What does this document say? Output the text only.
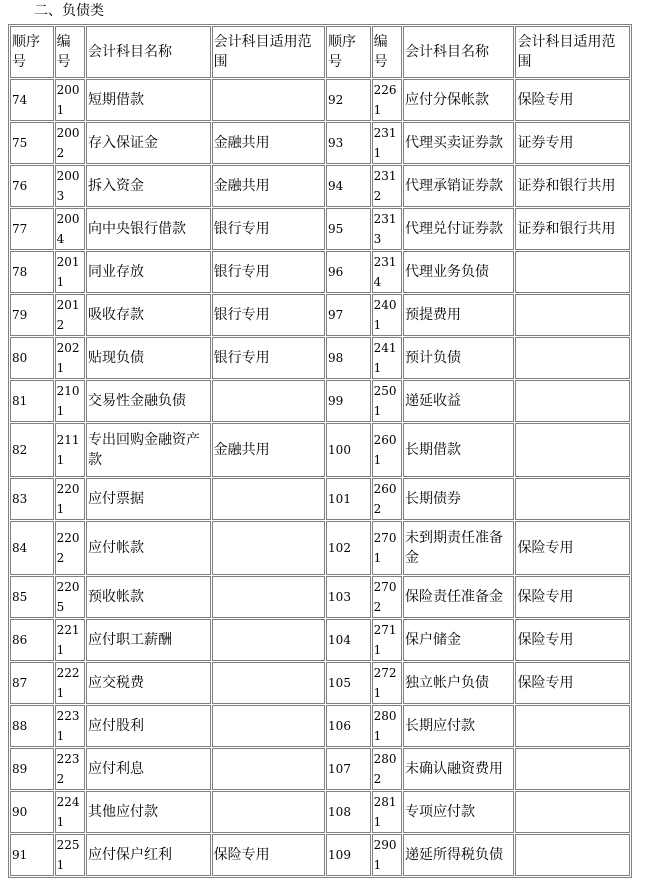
二、负债类
顺序号	编号	会计科目名称	会计科目适用范围	顺序号	编号	会计科目名称	会计科目适用范围
74	2001	短期借款		92	2261	应付分保帐款	保险专用
75	2002	存入保证金	金融共用	93	2311	代理买卖证券款	证券专用
76	2003	拆入资金	金融共用	94	2312	代理承销证券款	证券和银行共用
77	2004	向中央银行借款	银行专用	95	2313	代理兑付证券款	证券和银行共用
78	2011	同业存放	银行专用	96	2314	代理业务负债	
79	2012	吸收存款	银行专用	97	2401	预提费用	
80	2021	贴现负债	银行专用	98	2411	预计负债	
81	2101	交易性金融负债		99	2501	递延收益	
82	2111	专出回购金融资产款	金融共用	100	2601	长期借款	
83	2201	应付票据		101	2602	长期债券	
84	2202	应付帐款		102	2701	未到期责任准备金	保险专用
85	2205	预收帐款		103	2702	保险责任准备金	保险专用
86	2211	应付职工薪酬		104	2711	保户储金	保险专用
87	2221	应交税费		105	2721	独立帐户负债	保险专用
88	2231	应付股利		106	2801	长期应付款	
89	2232	应付利息		107	2802	未确认融资费用	
90	2241	其他应付款		108	2811	专项应付款	
91	2251	应付保户红利	保险专用	109	2901	递延所得税负债	
